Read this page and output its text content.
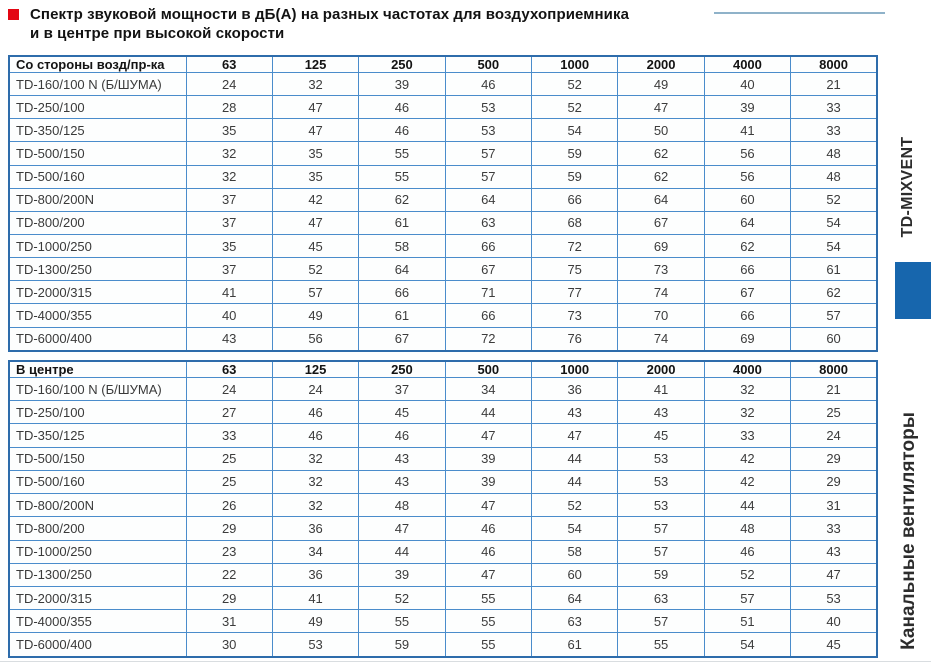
Спектр звуковой мощности в дБ(А) на разных частотах для воздухоприемника
и в центре при высокой скорости
Со стороны возд/пр-ка	63	125	250	500	1000	2000	4000	8000
TD-160/100 N (Б/ШУМА)	24	32	39	46	52	49	40	21
TD-250/100	28	47	46	53	52	47	39	33
TD-350/125	35	47	46	53	54	50	41	33
TD-500/150	32	35	55	57	59	62	56	48
TD-500/160	32	35	55	57	59	62	56	48
TD-800/200N	37	42	62	64	66	64	60	52
TD-800/200	37	47	61	63	68	67	64	54
TD-1000/250	35	45	58	66	72	69	62	54
TD-1300/250	37	52	64	67	75	73	66	61
TD-2000/315	41	57	66	71	77	74	67	62
TD-4000/355	40	49	61	66	73	70	66	57
TD-6000/400	43	56	67	72	76	74	69	60
В центре	63	125	250	500	1000	2000	4000	8000
TD-160/100 N (Б/ШУМА)	24	24	37	34	36	41	32	21
TD-250/100	27	46	45	44	43	43	32	25
TD-350/125	33	46	46	47	47	45	33	24
TD-500/150	25	32	43	39	44	53	42	29
TD-500/160	25	32	43	39	44	53	42	29
TD-800/200N	26	32	48	47	52	53	44	31
TD-800/200	29	36	47	46	54	57	48	33
TD-1000/250	23	34	44	46	58	57	46	43
TD-1300/250	22	36	39	47	60	59	52	47
TD-2000/315	29	41	52	55	64	63	57	53
TD-4000/355	31	49	55	55	63	57	51	40
TD-6000/400	30	53	59	55	61	55	54	45
TD-MIXVENT
Канальные вентиляторы
